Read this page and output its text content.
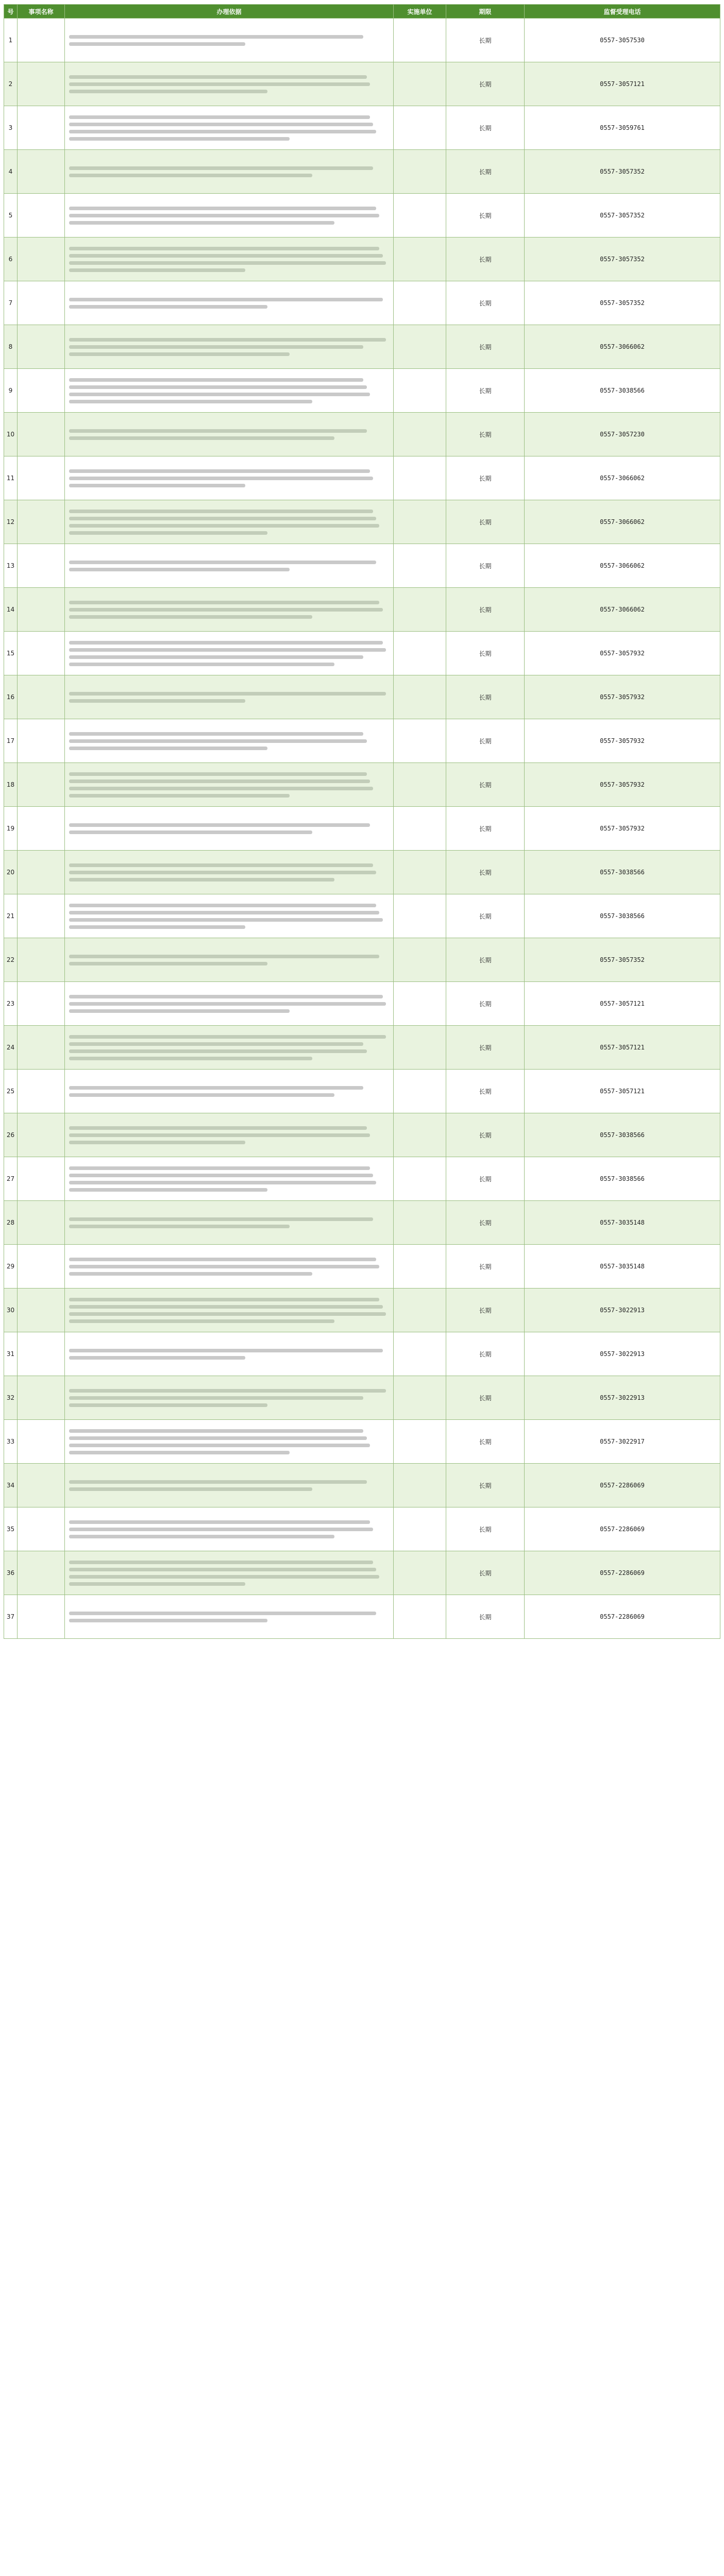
号	事项名称	办理依据	实施单位	期限	监督受理电话
1				长期	0557-3057530
2				长期	0557-3057121
3				长期	0557-3059761
4				长期	0557-3057352
5				长期	0557-3057352
6				长期	0557-3057352
7				长期	0557-3057352
8				长期	0557-3066062
9				长期	0557-3038566
10				长期	0557-3057230
11				长期	0557-3066062
12				长期	0557-3066062
13				长期	0557-3066062
14				长期	0557-3066062
15				长期	0557-3057932
16				长期	0557-3057932
17				长期	0557-3057932
18				长期	0557-3057932
19				长期	0557-3057932
20				长期	0557-3038566
21				长期	0557-3038566
22				长期	0557-3057352
23				长期	0557-3057121
24				长期	0557-3057121
25				长期	0557-3057121
26				长期	0557-3038566
27				长期	0557-3038566
28				长期	0557-3035148
29				长期	0557-3035148
30				长期	0557-3022913
31				长期	0557-3022913
32				长期	0557-3022913
33				长期	0557-3022917
34				长期	0557-2286069
35				长期	0557-2286069
36				长期	0557-2286069
37				长期	0557-2286069
